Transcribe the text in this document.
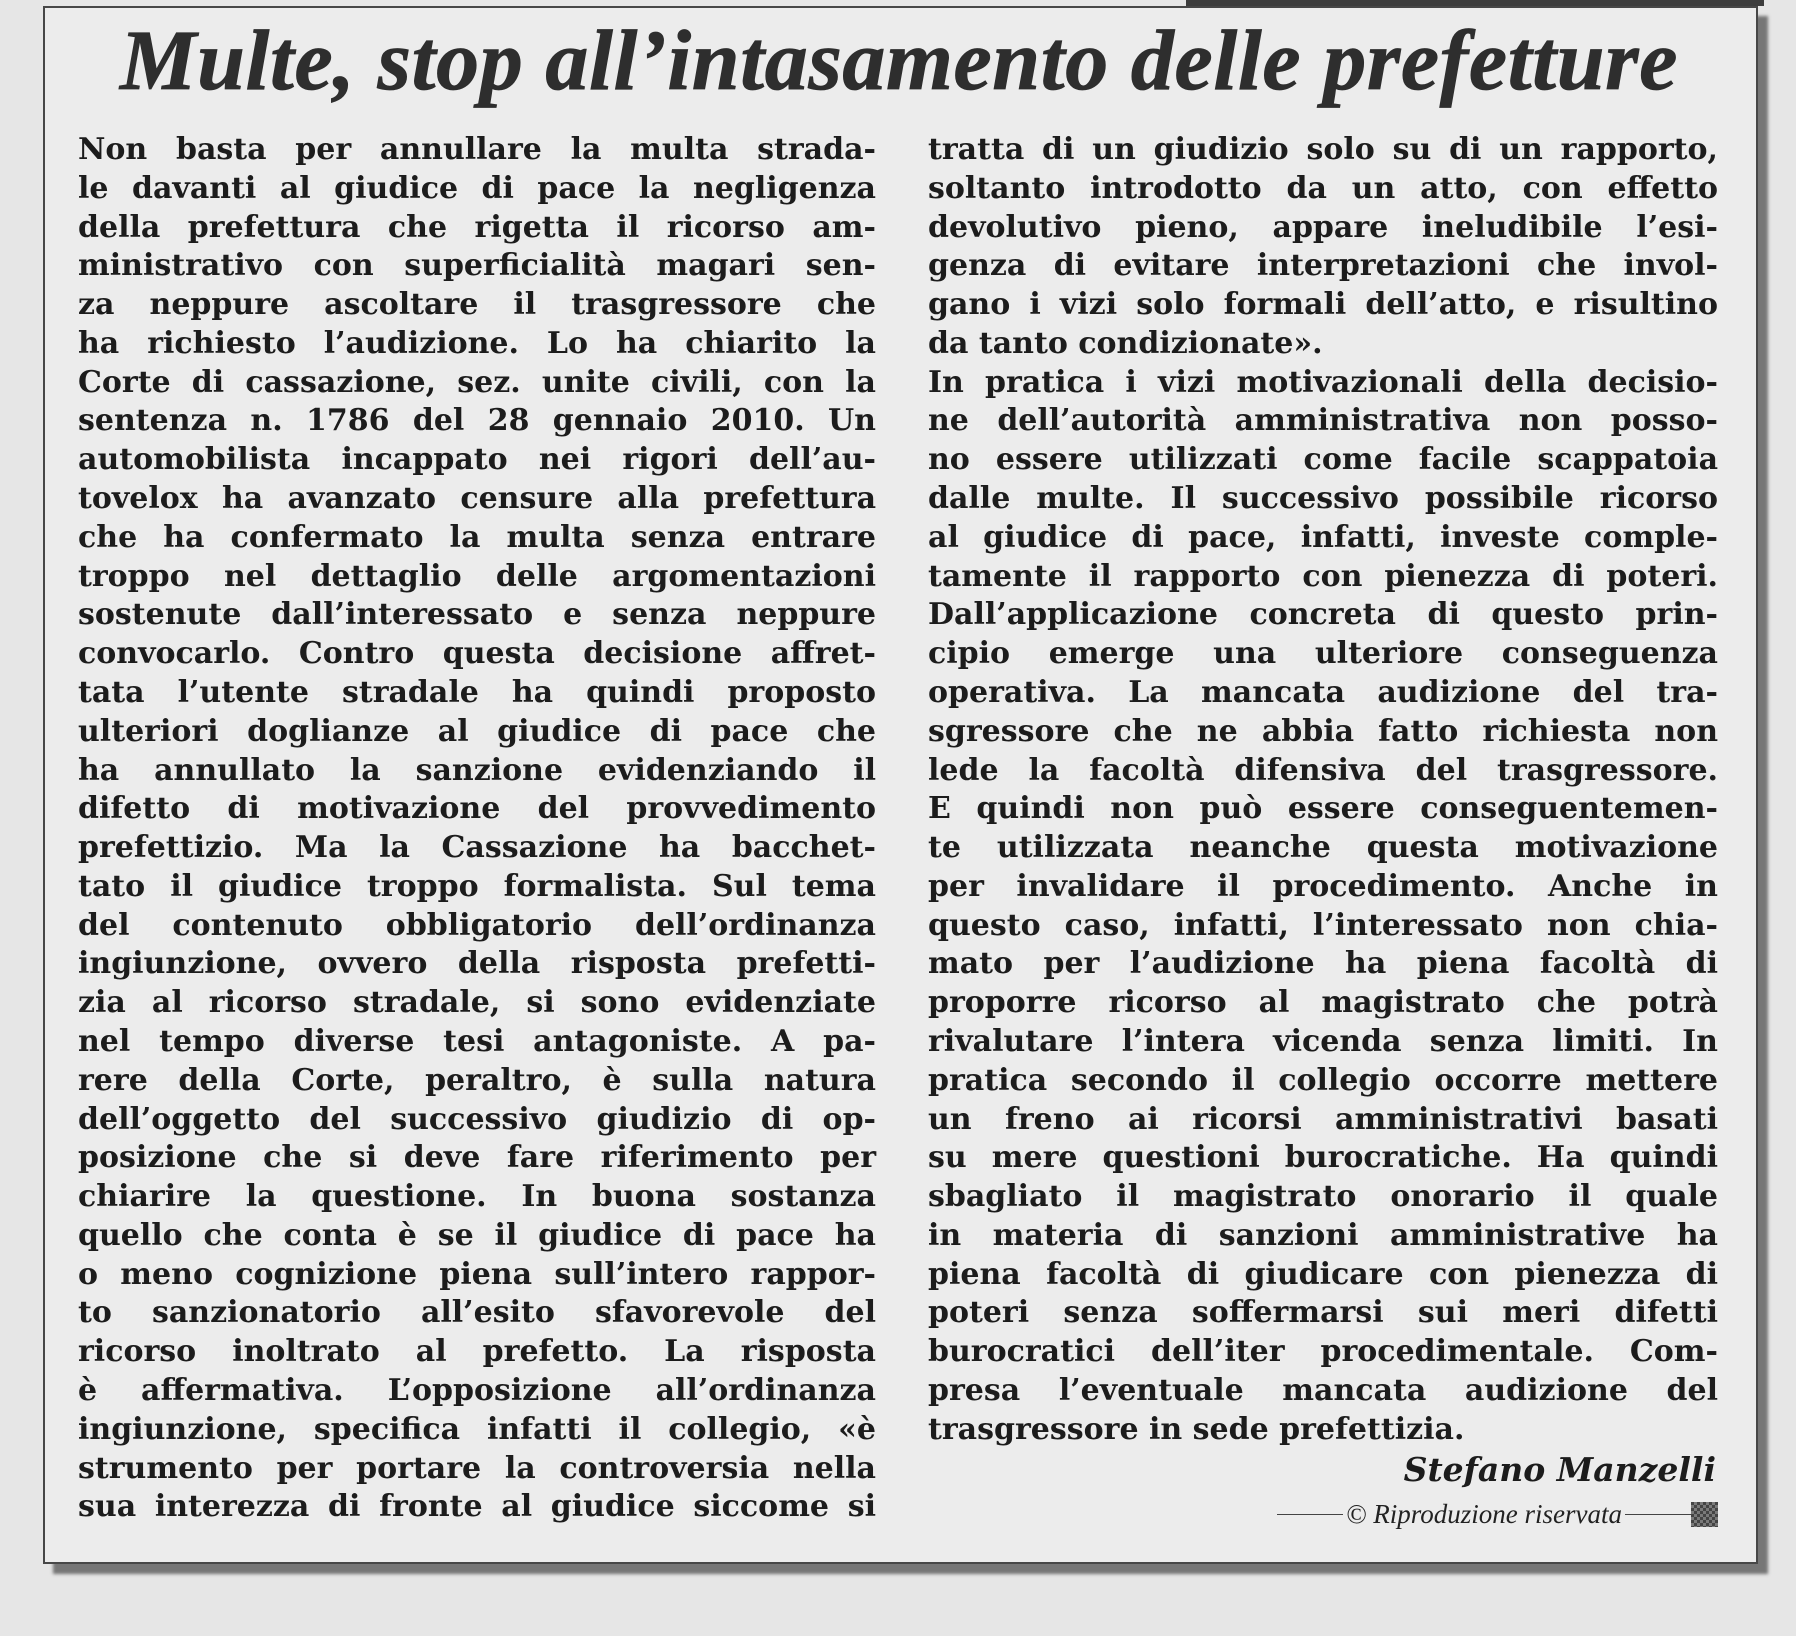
Multe, stop all’intasamento delle prefetture
Non basta per annullare la multa strada-
le davanti al giudice di pace la negligenza
della prefettura che rigetta il ricorso am-
ministrativo con superficialità magari sen-
za neppure ascoltare il trasgressore che
ha richiesto l’audizione. Lo ha chiarito la
Corte di cassazione, sez. unite civili, con la
sentenza n. 1786 del 28 gennaio 2010. Un
automobilista incappato nei rigori dell’au-
tovelox ha avanzato censure alla prefettura
che ha confermato la multa senza entrare
troppo nel dettaglio delle argomentazioni
sostenute dall’interessato e senza neppure
convocarlo. Contro questa decisione affret-
tata l’utente stradale ha quindi proposto
ulteriori doglianze al giudice di pace che
ha annullato la sanzione evidenziando il
difetto di motivazione del provvedimento
prefettizio. Ma la Cassazione ha bacchet-
tato il giudice troppo formalista. Sul tema
del contenuto obbligatorio dell’ordinanza
ingiunzione, ovvero della risposta prefetti-
zia al ricorso stradale, si sono evidenziate
nel tempo diverse tesi antagoniste. A pa-
rere della Corte, peraltro, è sulla natura
dell’oggetto del successivo giudizio di op-
posizione che si deve fare riferimento per
chiarire la questione. In buona sostanza
quello che conta è se il giudice di pace ha
o meno cognizione piena sull’intero rappor-
to sanzionatorio all’esito sfavorevole del
ricorso inoltrato al prefetto. La risposta
è affermativa. L’opposizione all’ordinanza
ingiunzione, specifica infatti il collegio, «è
strumento per portare la controversia nella
sua interezza di fronte al giudice siccome si
tratta di un giudizio solo su di un rapporto,
soltanto introdotto da un atto, con effetto
devolutivo pieno, appare ineludibile l’esi-
genza di evitare interpretazioni che invol-
gano i vizi solo formali dell’atto, e risultino
da tanto condizionate».
In pratica i vizi motivazionali della decisio-
ne dell’autorità amministrativa non posso-
no essere utilizzati come facile scappatoia
dalle multe. Il successivo possibile ricorso
al giudice di pace, infatti, investe comple-
tamente il rapporto con pienezza di poteri.
Dall’applicazione concreta di questo prin-
cipio emerge una ulteriore conseguenza
operativa. La mancata audizione del tra-
sgressore che ne abbia fatto richiesta non
lede la facoltà difensiva del trasgressore.
E quindi non può essere conseguentemen-
te utilizzata neanche questa motivazione
per invalidare il procedimento. Anche in
questo caso, infatti, l’interessato non chia-
mato per l’audizione ha piena facoltà di
proporre ricorso al magistrato che potrà
rivalutare l’intera vicenda senza limiti. In
pratica secondo il collegio occorre mettere
un freno ai ricorsi amministrativi basati
su mere questioni burocratiche. Ha quindi
sbagliato il magistrato onorario il quale
in materia di sanzioni amministrative ha
piena facoltà di giudicare con pienezza di
poteri senza soffermarsi sui meri difetti
burocratici dell’iter procedimentale. Com-
presa l’eventuale mancata audizione del
trasgressore in sede prefettizia.
Stefano Manzelli
© Riproduzione riservata
